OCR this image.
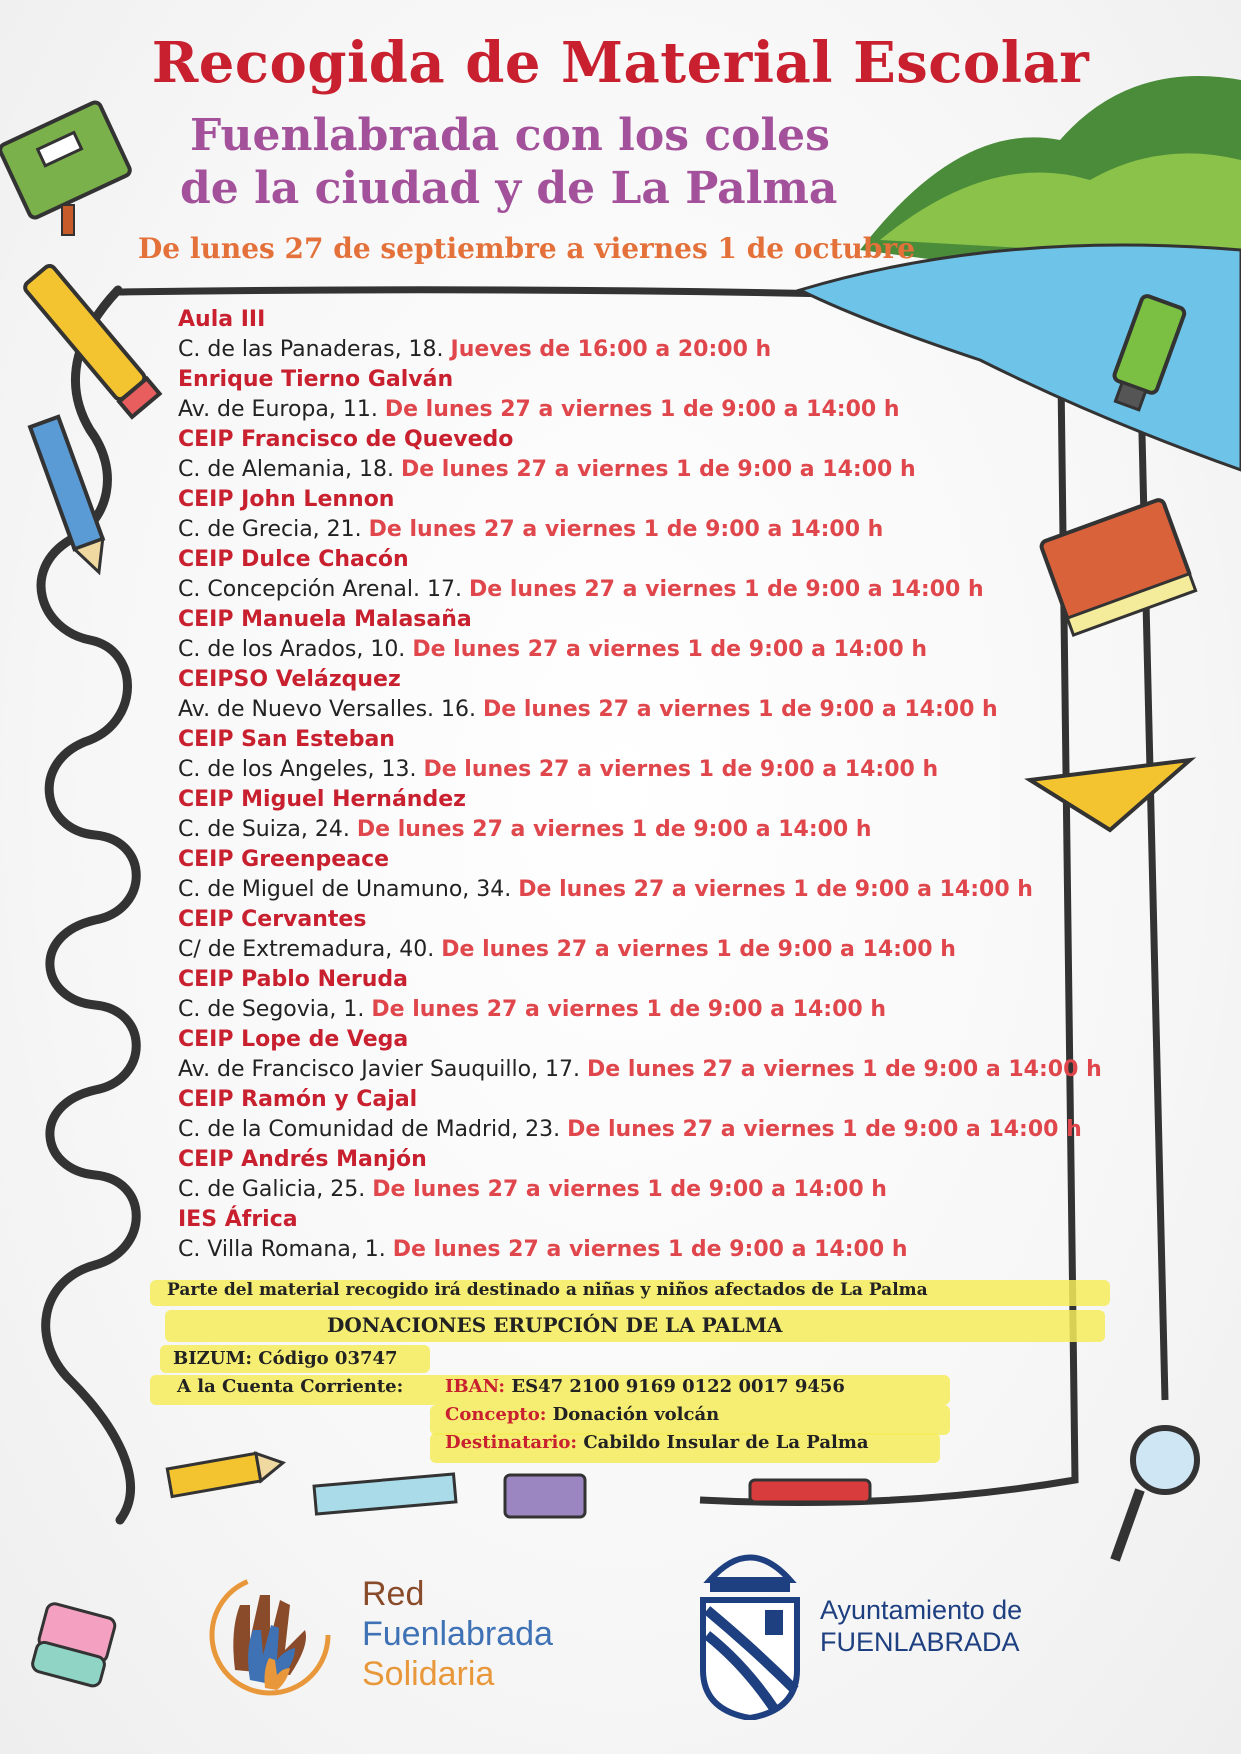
Recogida de Material Escolar
Fuenlabrada con los coles
de la ciudad y de La Palma
De lunes 27 de septiembre a viernes 1 de octubre
Aula III
C. de las Panaderas, 18. Jueves de 16:00 a 20:00 h
Enrique Tierno Galván
Av. de Europa, 11. De lunes 27 a viernes 1 de 9:00 a 14:00 h
CEIP Francisco de Quevedo
C. de Alemania, 18. De lunes 27 a viernes 1 de 9:00 a 14:00 h
CEIP John Lennon
C. de Grecia, 21. De lunes 27 a viernes 1 de 9:00 a 14:00 h
CEIP Dulce Chacón
C. Concepción Arenal. 17. De lunes 27 a viernes 1 de 9:00 a 14:00 h
CEIP Manuela Malasaña
C. de los Arados, 10. De lunes 27 a viernes 1 de 9:00 a 14:00 h
CEIPSO Velázquez
Av. de Nuevo Versalles. 16. De lunes 27 a viernes 1 de 9:00 a 14:00 h
CEIP San Esteban
C. de los Angeles, 13. De lunes 27 a viernes 1 de 9:00 a 14:00 h
CEIP Miguel Hernández
C. de Suiza, 24. De lunes 27 a viernes 1 de 9:00 a 14:00 h
CEIP Greenpeace
C. de Miguel de Unamuno, 34. De lunes 27 a viernes 1 de 9:00 a 14:00 h
CEIP Cervantes
C/ de Extremadura, 40. De lunes 27 a viernes 1 de 9:00 a 14:00 h
CEIP Pablo Neruda
C. de Segovia, 1. De lunes 27 a viernes 1 de 9:00 a 14:00 h
CEIP Lope de Vega
Av. de Francisco Javier Sauquillo, 17. De lunes 27 a viernes 1 de 9:00 a 14:00 h
CEIP Ramón y Cajal
C. de la Comunidad de Madrid, 23. De lunes 27 a viernes 1 de 9:00 a 14:00 h
CEIP Andrés Manjón
C. de Galicia, 25. De lunes 27 a viernes 1 de 9:00 a 14:00 h
IES África
C. Villa Romana, 1. De lunes 27 a viernes 1 de 9:00 a 14:00 h
Parte del material recogido irá destinado a niñas y niños afectados de La Palma
DONACIONES ERUPCIÓN DE LA PALMA
BIZUM: Código 03747
A la Cuenta Corriente: IBAN: ES47 2100 9169 0122 0017 9456
Concepto: Donación volcán
Destinatario: Cabildo Insular de La Palma
Red
Fuenlabrada
Solidaria
Ayuntamiento de
FUENLABRADA
